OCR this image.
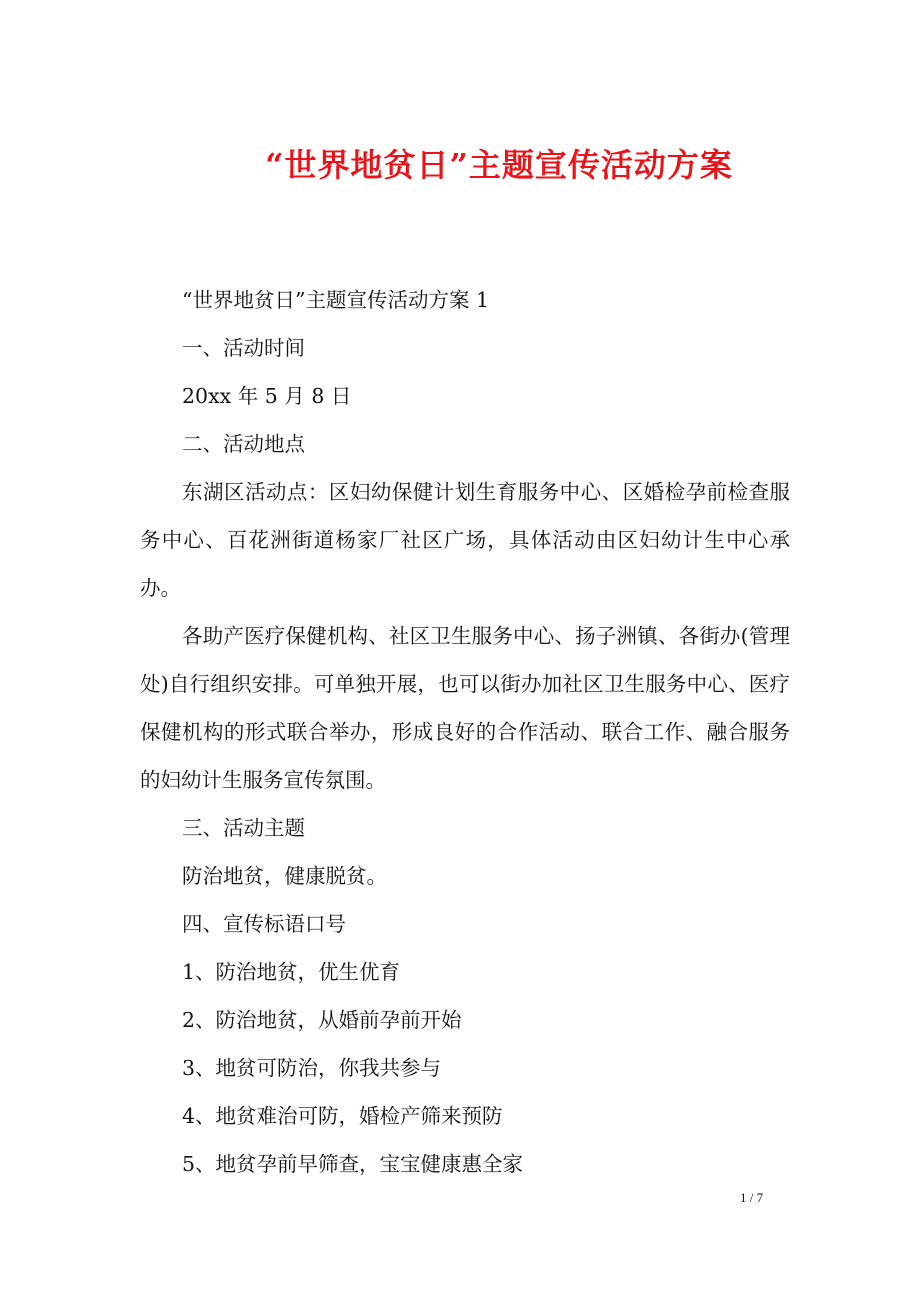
“世界地贫日”主题宣传活动方案

“世界地贫日”主题宣传活动方案 1

一、活动时间

20xx 年 5 月 8 日

二、活动地点

东湖区活动点：区妇幼保健计划生育服务中心、区婚检孕前检查服务中心、百花洲街道杨家厂社区广场，具体活动由区妇幼计生中心承办。

各助产医疗保健机构、社区卫生服务中心、扬子洲镇、各街办(管理处)自行组织安排。可单独开展，也可以街办加社区卫生服务中心、医疗保健机构的形式联合举办，形成良好的合作活动、联合工作、融合服务的妇幼计生服务宣传氛围。

三、活动主题

防治地贫，健康脱贫。

四、宣传标语口号

1、防治地贫，优生优育

2、防治地贫，从婚前孕前开始

3、地贫可防治，你我共参与

4、地贫难治可防，婚检产筛来预防

5、地贫孕前早筛查，宝宝健康惠全家

1 / 7
